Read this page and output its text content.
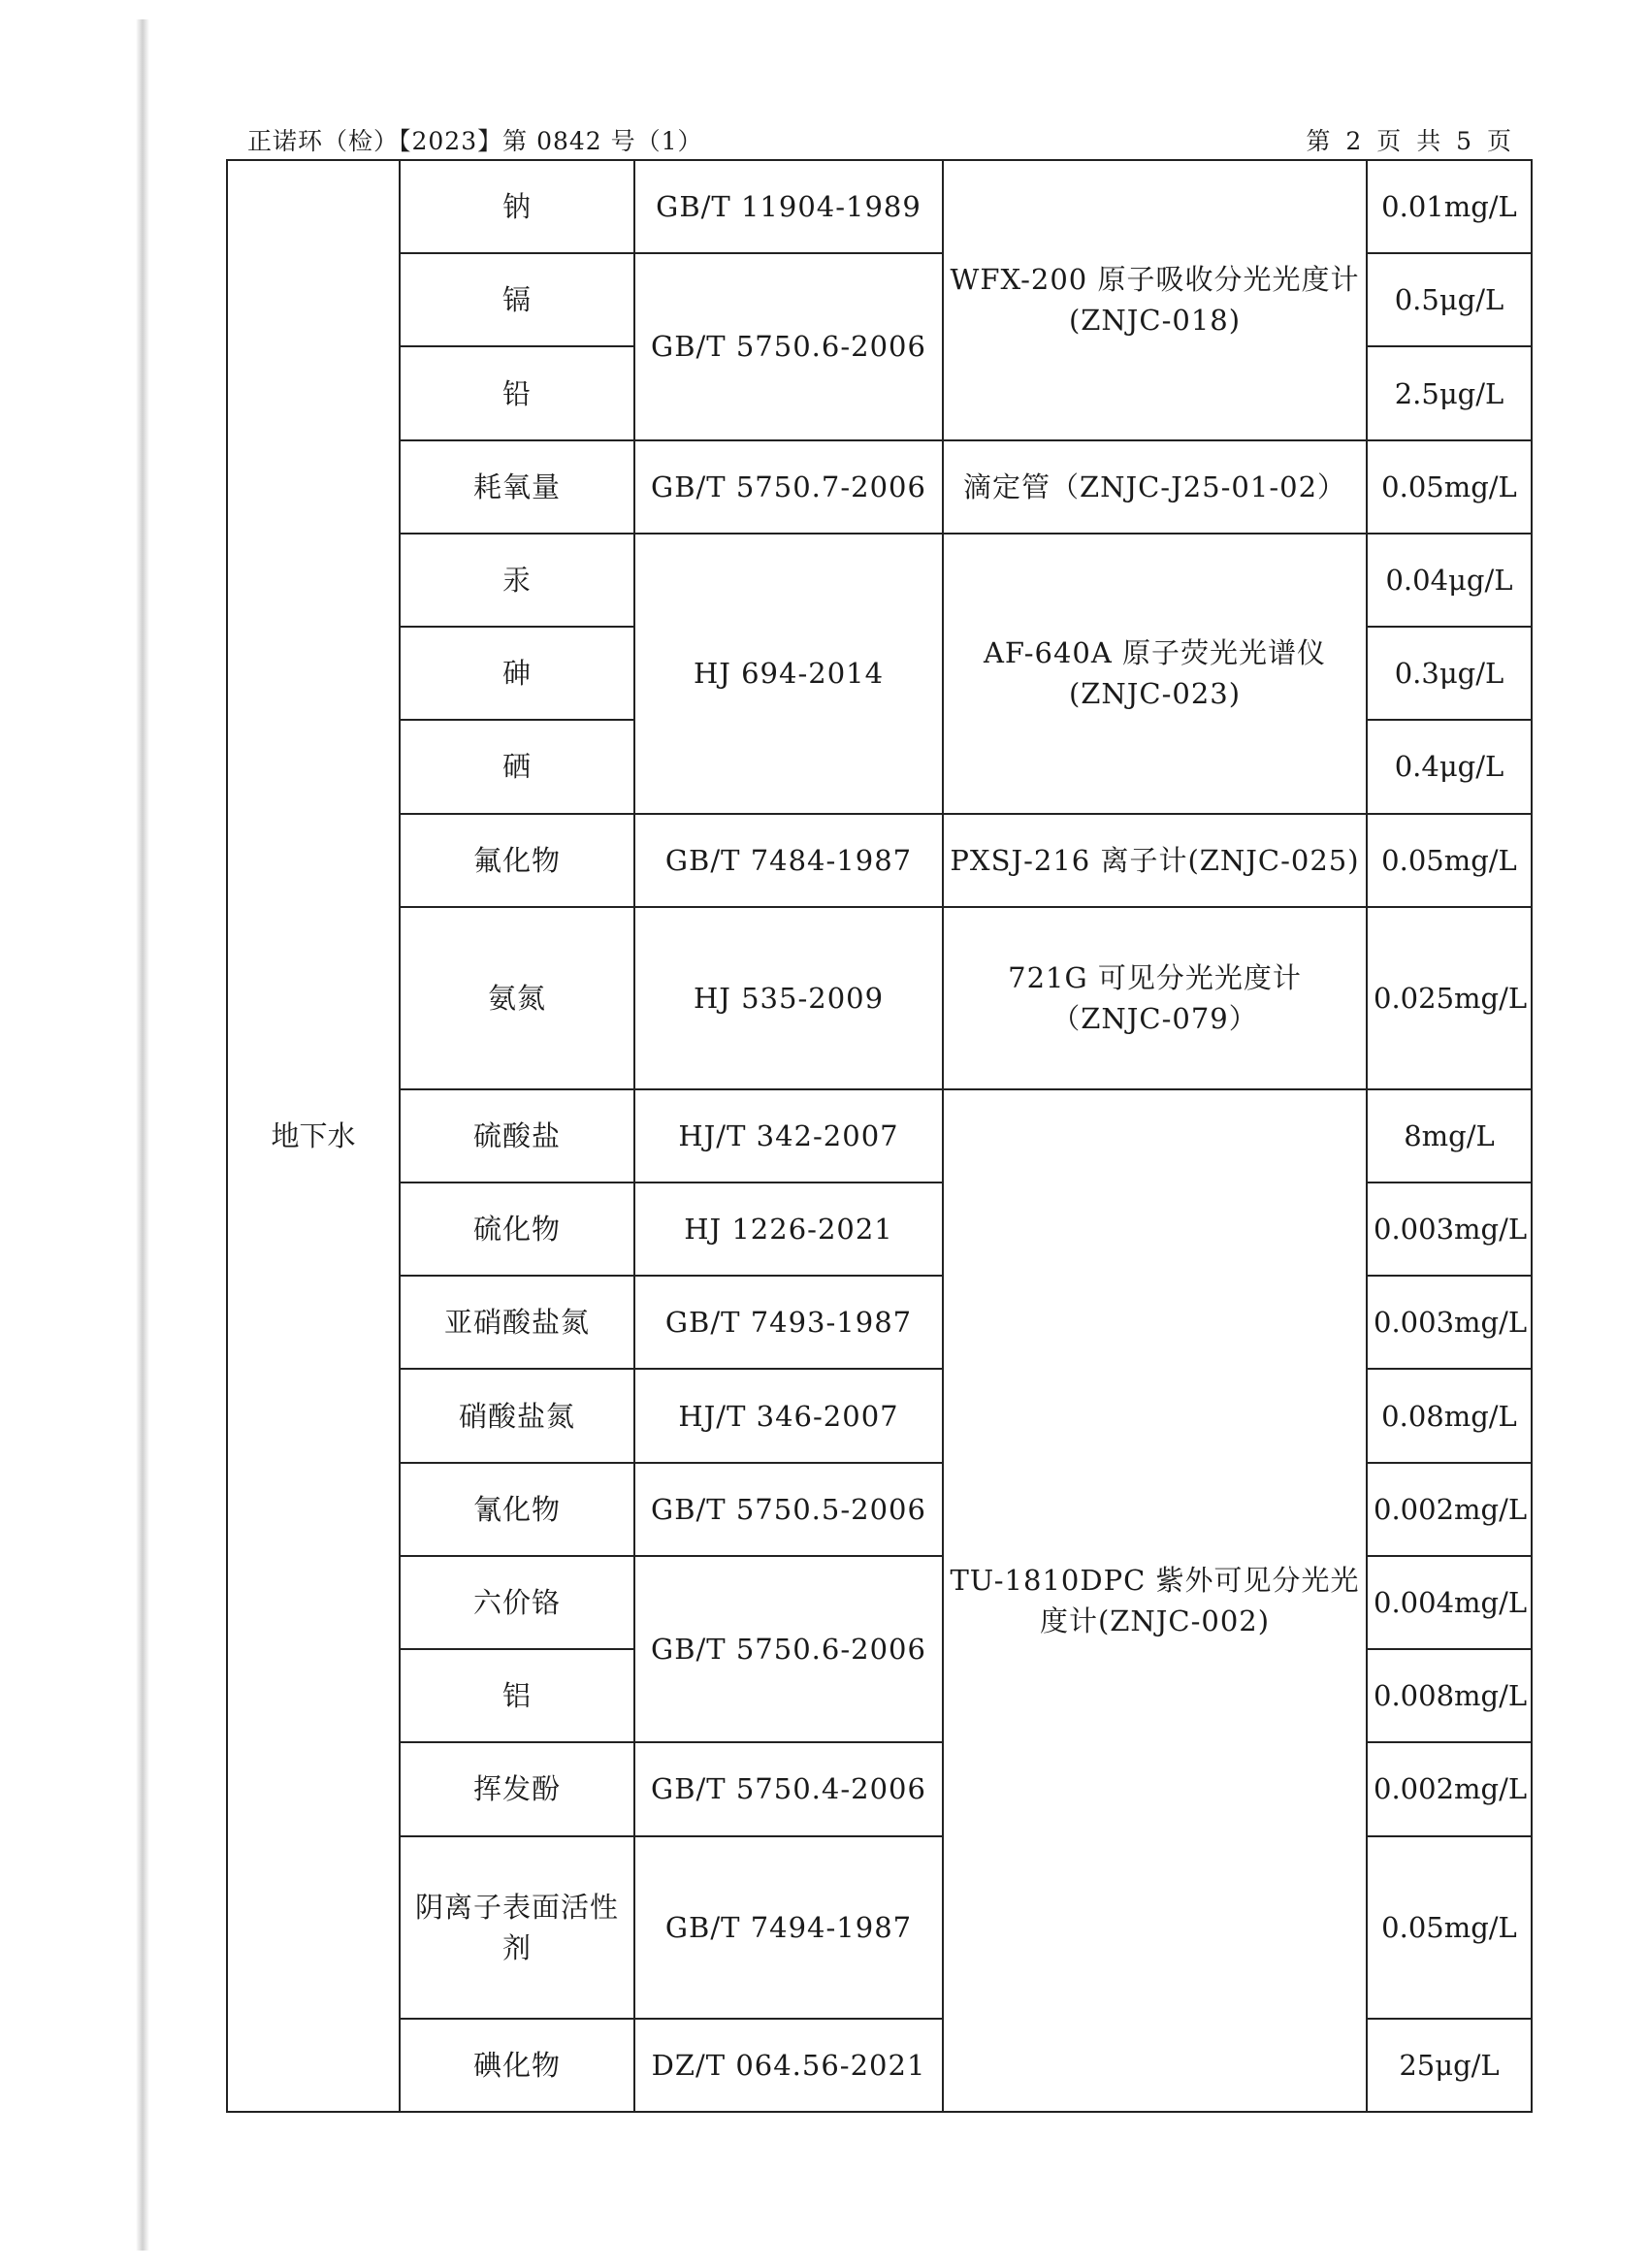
正诺环（检）【2023】第 0842 号（1）	第 2 页 共 5 页
地下水	钠	GB/T 11904-1989	WFX-200 原子吸收分光光度计(ZNJC-018)	0.01mg/L
	镉	GB/T 5750.6-2006		0.5μg/L
	铅			2.5μg/L
	耗氧量	GB/T 5750.7-2006	滴定管（ZNJC-J25-01-02）	0.05mg/L
	汞	HJ 694-2014	AF-640A 原子荧光光谱仪(ZNJC-023)	0.04μg/L
	砷			0.3μg/L
	硒			0.4μg/L
	氟化物	GB/T 7484-1987	PXSJ-216 离子计(ZNJC-025)	0.05mg/L
	氨氮	HJ 535-2009	721G 可见分光光度计（ZNJC-079）	0.025mg/L
	硫酸盐	HJ/T 342-2007	TU-1810DPC 紫外可见分光光度计(ZNJC-002)	8mg/L
	硫化物	HJ 1226-2021		0.003mg/L
	亚硝酸盐氮	GB/T 7493-1987		0.003mg/L
	硝酸盐氮	HJ/T 346-2007		0.08mg/L
	氰化物	GB/T 5750.5-2006		0.002mg/L
	六价铬	GB/T 5750.6-2006		0.004mg/L
	铝			0.008mg/L
	挥发酚	GB/T 5750.4-2006		0.002mg/L
	阴离子表面活性剂	GB/T 7494-1987		0.05mg/L
	碘化物	DZ/T 064.56-2021		25μg/L
